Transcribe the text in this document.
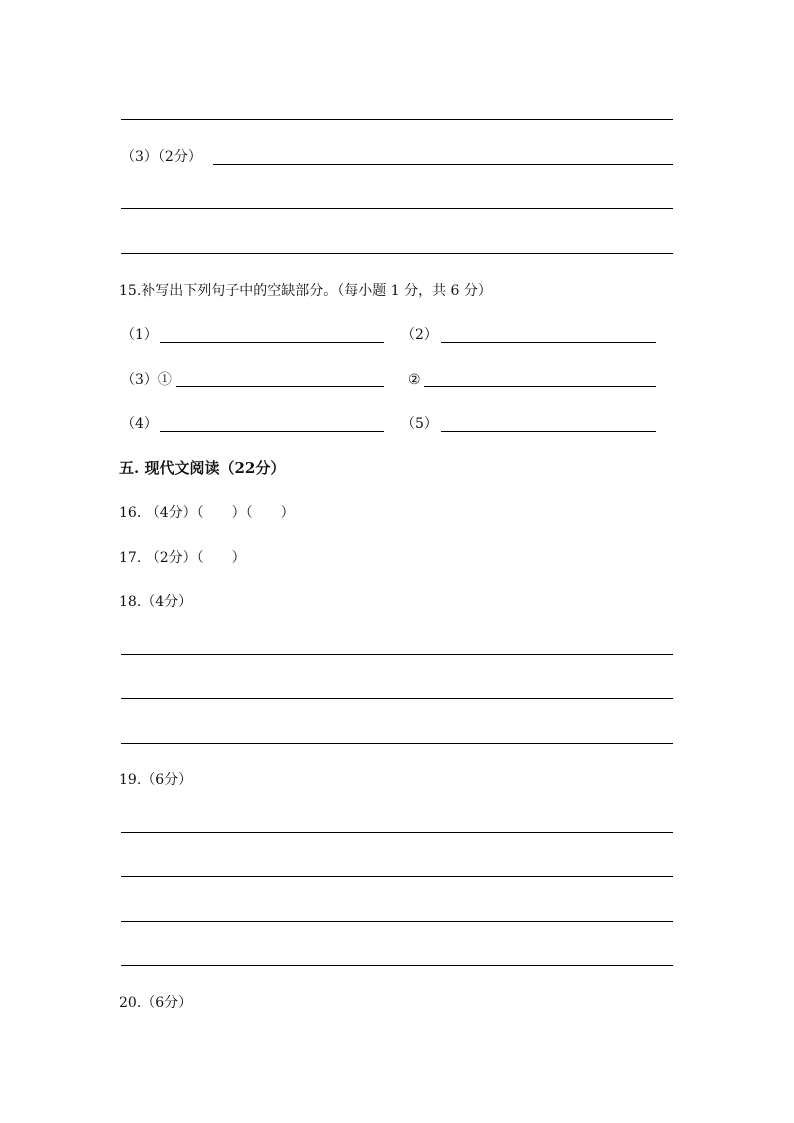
（3）（2分）
15.补写出下列句子中的空缺部分。（每小题 1 分，共 6 分）
（1）	（2）
（3）①	②
（4）	（5）
五. 现代文阅读（22分）
16. （4分）（　　）（　　）
17. （2分）（　　）
18.（4分）
19.（6分）
20.（6分）
